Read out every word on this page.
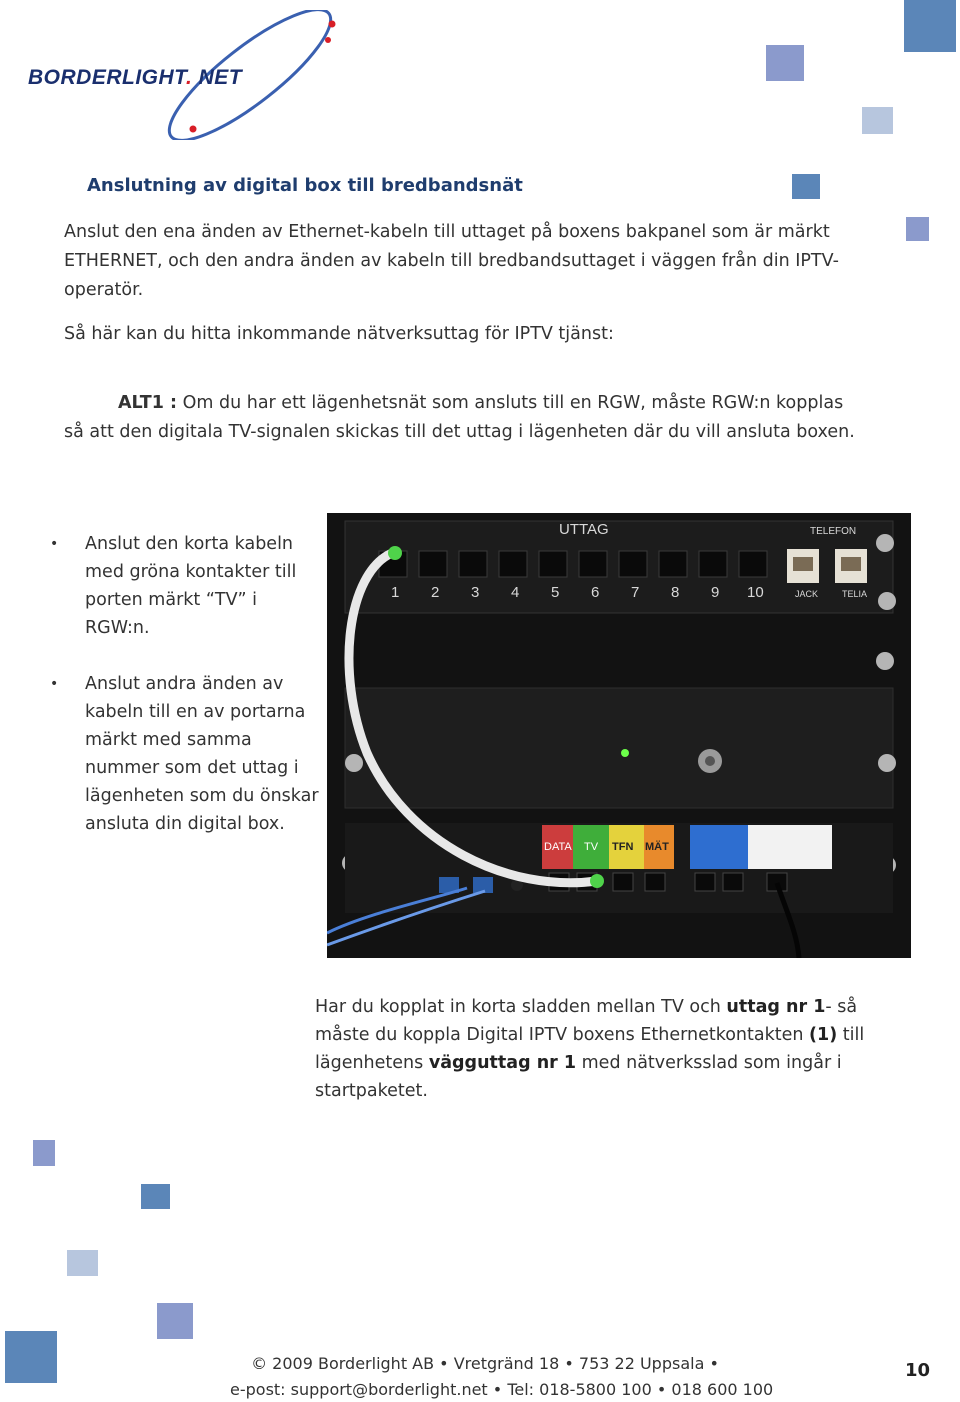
BORDERLIGHT. NET
Anslutning av digital box till bredbandsnät
Anslut den ena änden av Ethernet-kabeln till uttaget på boxens bakpanel som är märkt ETHERNET, och den andra änden av kabeln till bredbandsuttaget i väggen från din IPTV-operatör.
Så här kan du hitta inkommande nätverksuttag för IPTV tjänst:
ALT1 : Om du har ett lägenhetsnät som ansluts till en RGW, måste RGW:n kopplas så att den digitala TV-signalen skickas till det uttag i lägenheten där du vill ansluta boxen.
• Anslut den korta kabeln med gröna kontakter till porten märkt “TV” i RGW:n.
• Anslut andra änden av kabeln till en av portarna märkt med samma nummer som det uttag i lägenheten som du önskar ansluta din digital box.
UTTAG	TELEFON
1 2 3 4 5 6 7 8 9 10	JACK	TELIA
DATA TV TFN MÄT
Har du kopplat in korta sladden mellan TV och uttag nr 1- så måste du koppla Digital IPTV boxens Ethernetkontakten (1) till lägenhetens vägguttag nr 1 med nätverksslad som ingår i startpaketet.
© 2009 Borderlight AB • Vretgränd 18 • 753 22 Uppsala •
e-post: support@borderlight.net • Tel: 018-5800 100 • 018 600 100
10
